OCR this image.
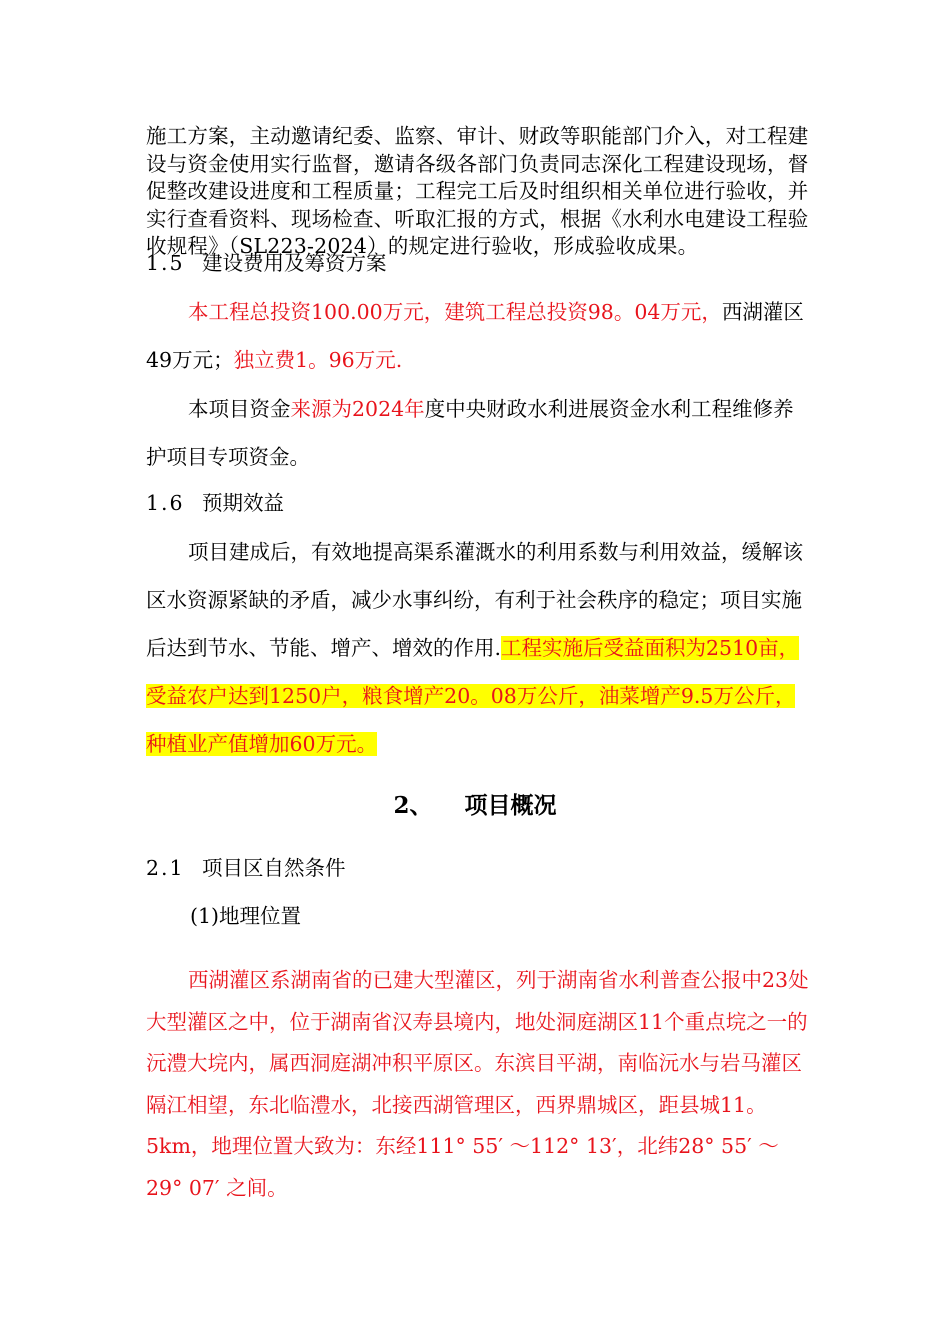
施工方案，主动邀请纪委、监察、审计、财政等职能部门介入，对工程建设与资金使用实行监督，邀请各级各部门负责同志深化工程建设现场，督促整改建设进度和工程质量；工程完工后及时组织相关单位进行验收，并实行查看资料、现场检查、听取汇报的方式，根据《水利水电建设工程验收规程》（SL223-2024）的规定进行验收，形成验收成果。

1.5 建设费用及筹资方案

本工程总投资100.00万元，建筑工程总投资98。04万元，西湖灌区49万元；独立费1。96万元.

本项目资金来源为2024年度中央财政水利进展资金水利工程维修养护项目专项资金。

1.6 预期效益

项目建成后，有效地提高渠系灌溉水的利用系数与利用效益，缓解该区水资源紧缺的矛盾，减少水事纠纷，有利于社会秩序的稳定；项目实施后达到节水、节能、增产、增效的作用.工程实施后受益面积为2510亩，受益农户达到1250户，粮食增产20。08万公斤，油菜增产9.5万公斤，种植业产值增加60万元。

2、 项目概况
2.1 项目区自然条件
(1)地理位置

西湖灌区系湖南省的已建大型灌区，列于湖南省水利普查公报中23处大型灌区之中，位于湖南省汉寿县境内，地处洞庭湖区11个重点垸之一的沅澧大垸内，属西洞庭湖冲积平原区。东滨目平湖，南临沅水与岩马灌区隔江相望，东北临澧水，北接西湖管理区，西界鼎城区，距县城11。5km，地理位置大致为：东经111° 55′ ～112° 13′，北纬28° 55′ ～29° 07′ 之间。
